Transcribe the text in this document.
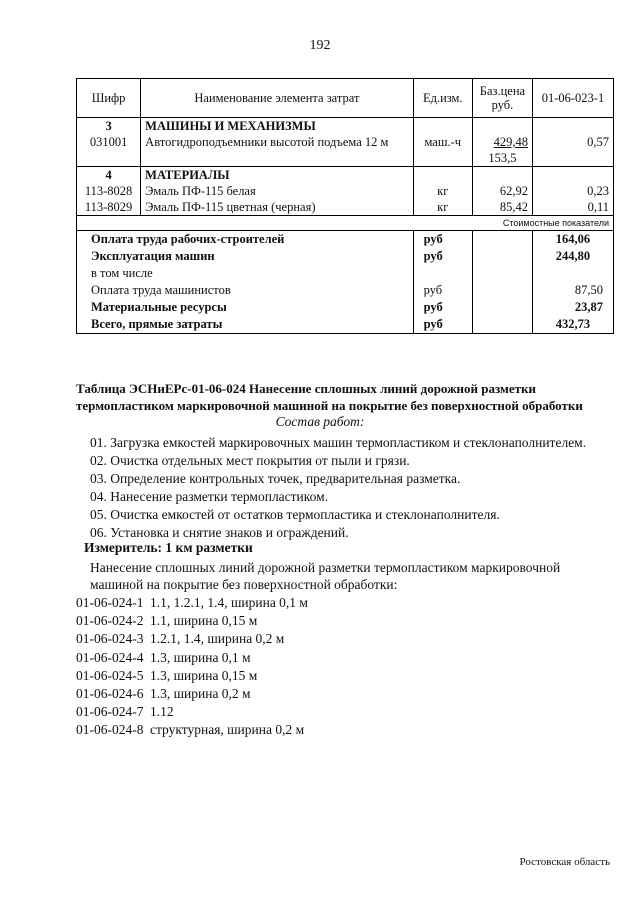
192
Шифр	Наименование элемента затрат	Ед.изм.	Баз.цена руб.	01-06-023-1
3	МАШИНЫ И МЕХАНИЗМЫ			
031001	Автогидроподъемники высотой подъема 12 м	маш.-ч	429,48	0,57
			153,5	
4	МАТЕРИАЛЫ			
113-8028	Эмаль ПФ-115 белая	кг	62,92	0,23
113-8029	Эмаль ПФ-115 цветная (черная)	кг	85,42	0,11
Стоимостные показатели				
Оплата труда рабочих-строителей		руб		164,06
Эксплуатация машин		руб		244,80
в том числе				
Оплата труда машинистов		руб		87,50
Материальные ресурсы		руб		23,87
Всего, прямые затраты		руб		432,73
Таблица ЭСНиЕРс-01-06-024 Нанесение сплошных линий дорожной разметки
термопластиком маркировочной машиной на покрытие без поверхностной обработки
Состав работ:
01. Загрузка емкостей маркировочных машин термопластиком и стеклонаполнителем.
02. Очистка отдельных мест покрытия от пыли и грязи.
03. Определение контрольных точек, предварительная разметка.
04. Нанесение разметки термопластиком.
05. Очистка емкостей от остатков термопластика и стеклонаполнителя.
06. Установка и снятие знаков и ограждений.
Измеритель: 1 км разметки
Нанесение сплошных линий дорожной разметки термопластиком маркировочной машиной на покрытие без поверхностной обработки:
01-06-024-1 1.1, 1.2.1, 1.4, ширина 0,1 м
01-06-024-2 1.1, ширина 0,15 м
01-06-024-3 1.2.1, 1.4, ширина 0,2 м
01-06-024-4 1.3, ширина 0,1 м
01-06-024-5 1.3, ширина 0,15 м
01-06-024-6 1.3, ширина 0,2 м
01-06-024-7 1.12
01-06-024-8 структурная, ширина 0,2 м
Ростовская область
